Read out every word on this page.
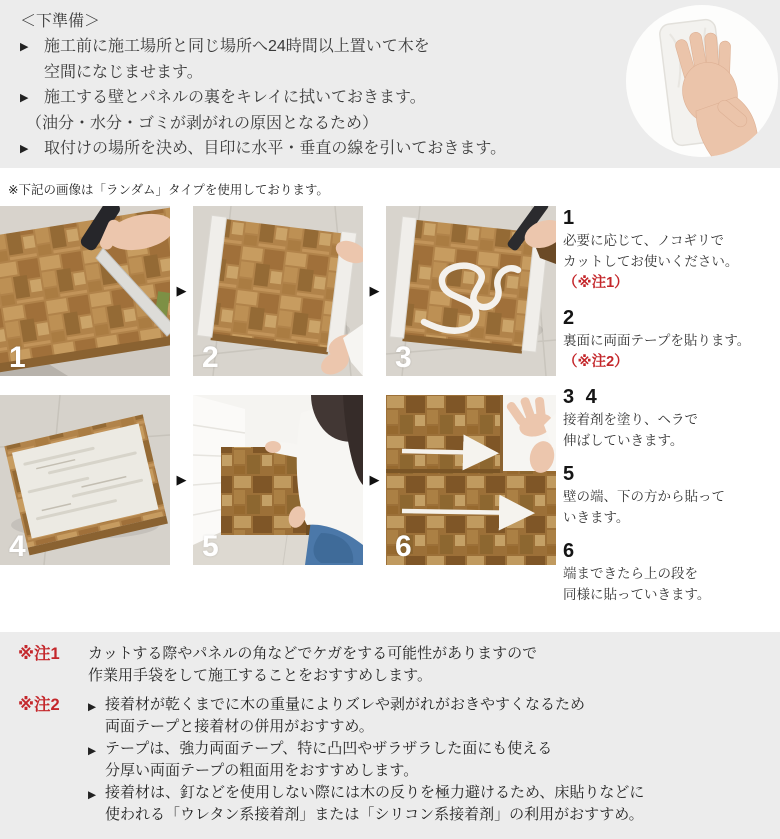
＜下準備＞
▶ 施工前に施工場所と同じ場所へ24時間以上置いて木を
空間になじませます。
▶ 施工する壁とパネルの裏をキレイに拭いておきます。
（油分・水分・ゴミが剥がれの原因となるため）
▶ 取付けの場所を決め、目印に水平・垂直の線を引いておきます。
※下記の画像は「ランダム」タイプを使用しております。
1
▶
2
▶
3
4
▶
5
▶
6
1
必要に応じて、ノコギリで
カットしてお使いください。
（※注1）
2
裏面に両面テープを貼ります。
（※注2）
3 4
接着剤を塗り、ヘラで
伸ばしていきます。
5
壁の端、下の方から貼って
いきます。
6
端まできたら上の段を
同様に貼っていきます。
※注1	カットする際やパネルの角などでケガをする可能性がありますので
作業用手袋をして施工することをおすすめします。
※注2	▶ 接着材が乾くまでに木の重量によりズレや剥がれがおきやすくなるため
両面テープと接着材の併用がおすすめ。
▶ テープは、強力両面テープ、特に凸凹やザラザラした面にも使える
分厚い両面テープの粗面用をおすすめします。
▶ 接着材は、釘などを使用しない際には木の反りを極力避けるため、床貼りなどに
使われる「ウレタン系接着剤」または「シリコン系接着剤」の利用がおすすめ。
